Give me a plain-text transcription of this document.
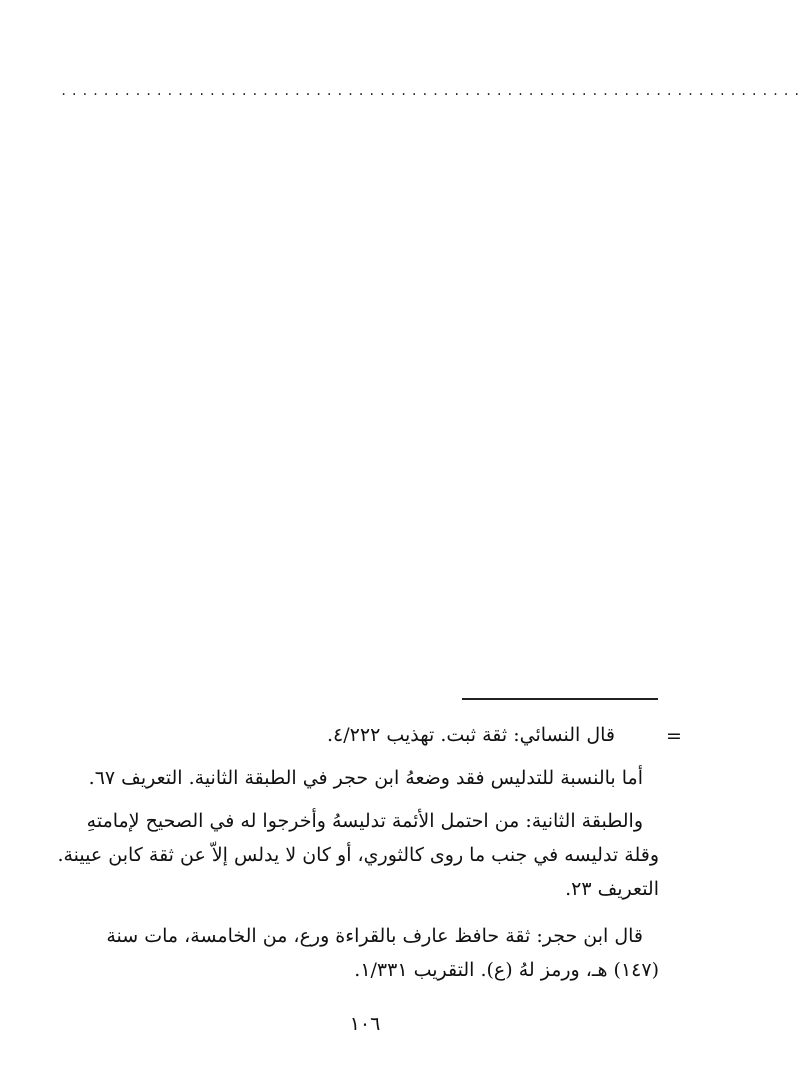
......................................................................
=
قال النسائي: ثقة ثبت. تهذيب ٤/٢٢٢.
أما بالنسبة للتدليس فقد وضعهُ ابن حجر في الطبقة الثانية. التعريف ٦٧.
والطبقة الثانية: من احتمل الأئمة تدليسهُ وأخرجوا له في الصحيح لإمامتهِ
وقلة تدليسه في جنب ما روى كالثوري، أو كان لا يدلس إلاّ عن ثقة كابن عيينة.
التعريف ٢٣.
قال ابن حجر: ثقة حافظ عارف بالقراءة ورع، من الخامسة، مات سنة
(١٤٧) هـ، ورمز لهُ (ع). التقريب ١/٣٣١.
١٠٦
